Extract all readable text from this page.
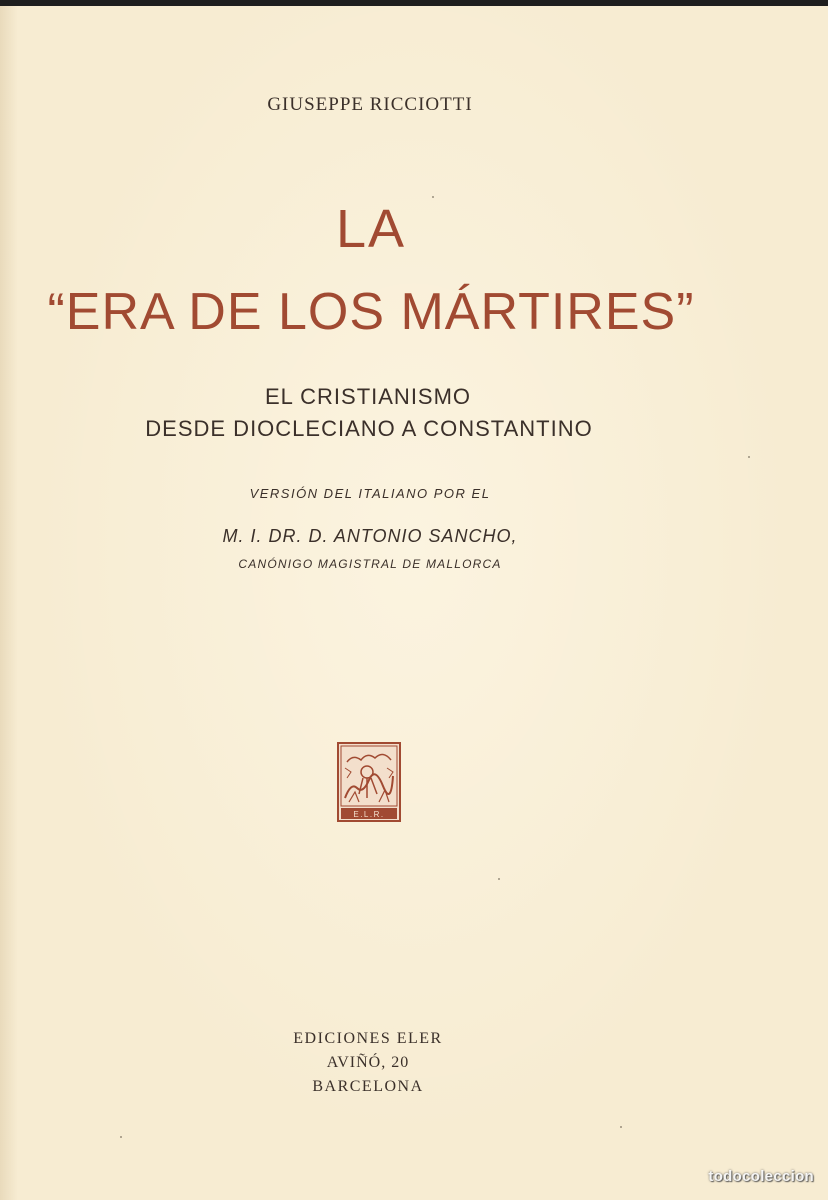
GIUSEPPE RICCIOTTI
LA
“ERA DE LOS MÁRTIRES”
EL CRISTIANISMO
DESDE DIOCLECIANO A CONSTANTINO
VERSIÓN DEL ITALIANO POR EL
M. I. DR. D. ANTONIO SANCHO,
CANÓNIGO MAGISTRAL DE MALLORCA
E.L.R.
EDICIONES ELER
AVIÑÓ, 20
BARCELONA
todocoleccion
